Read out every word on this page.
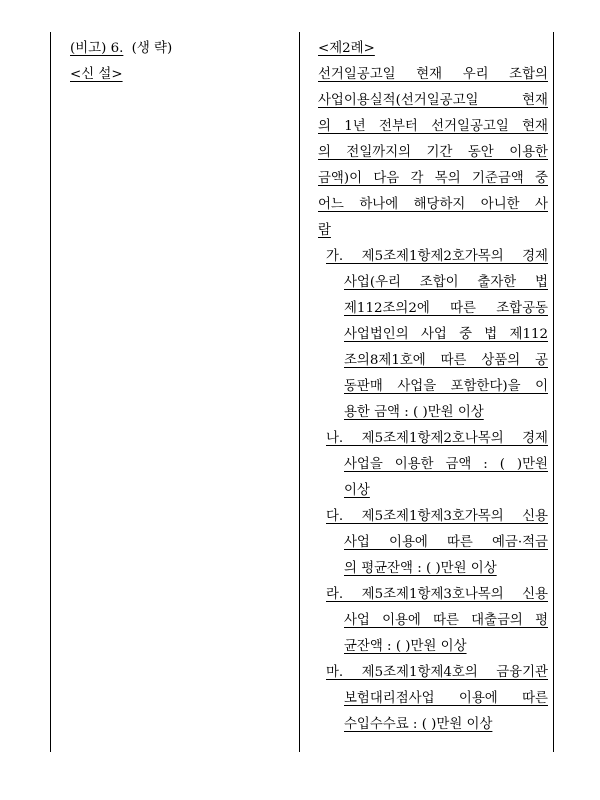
(비고) 6. (생 략)
<신 설>
<제2례>
선거일공고일 현재 우리 조합의
사업이용실적(선거일공고일 현재
의 1년 전부터 선거일공고일 현재
의 전일까지의 기간 동안 이용한
금액)이 다음 각 목의 기준금액 중
어느 하나에 해당하지 아니한 사
람
가. 제5조제1항제2호가목의 경제
사업(우리 조합이 출자한 법
제112조의2에 따른 조합공동
사업법인의 사업 중 법 제112
조의8제1호에 따른 상품의 공
동판매 사업을 포함한다)을 이
용한 금액 : ( )만원 이상
나. 제5조제1항제2호나목의 경제
사업을 이용한 금액 : ( )만원
이상
다. 제5조제1항제3호가목의 신용
사업 이용에 따른 예금·적금
의 평균잔액 : ( )만원 이상
라. 제5조제1항제3호나목의 신용
사업 이용에 따른 대출금의 평
균잔액 : ( )만원 이상
마. 제5조제1항제4호의 금융기관
보험대리점사업 이용에 따른
수입수수료 : ( )만원 이상
